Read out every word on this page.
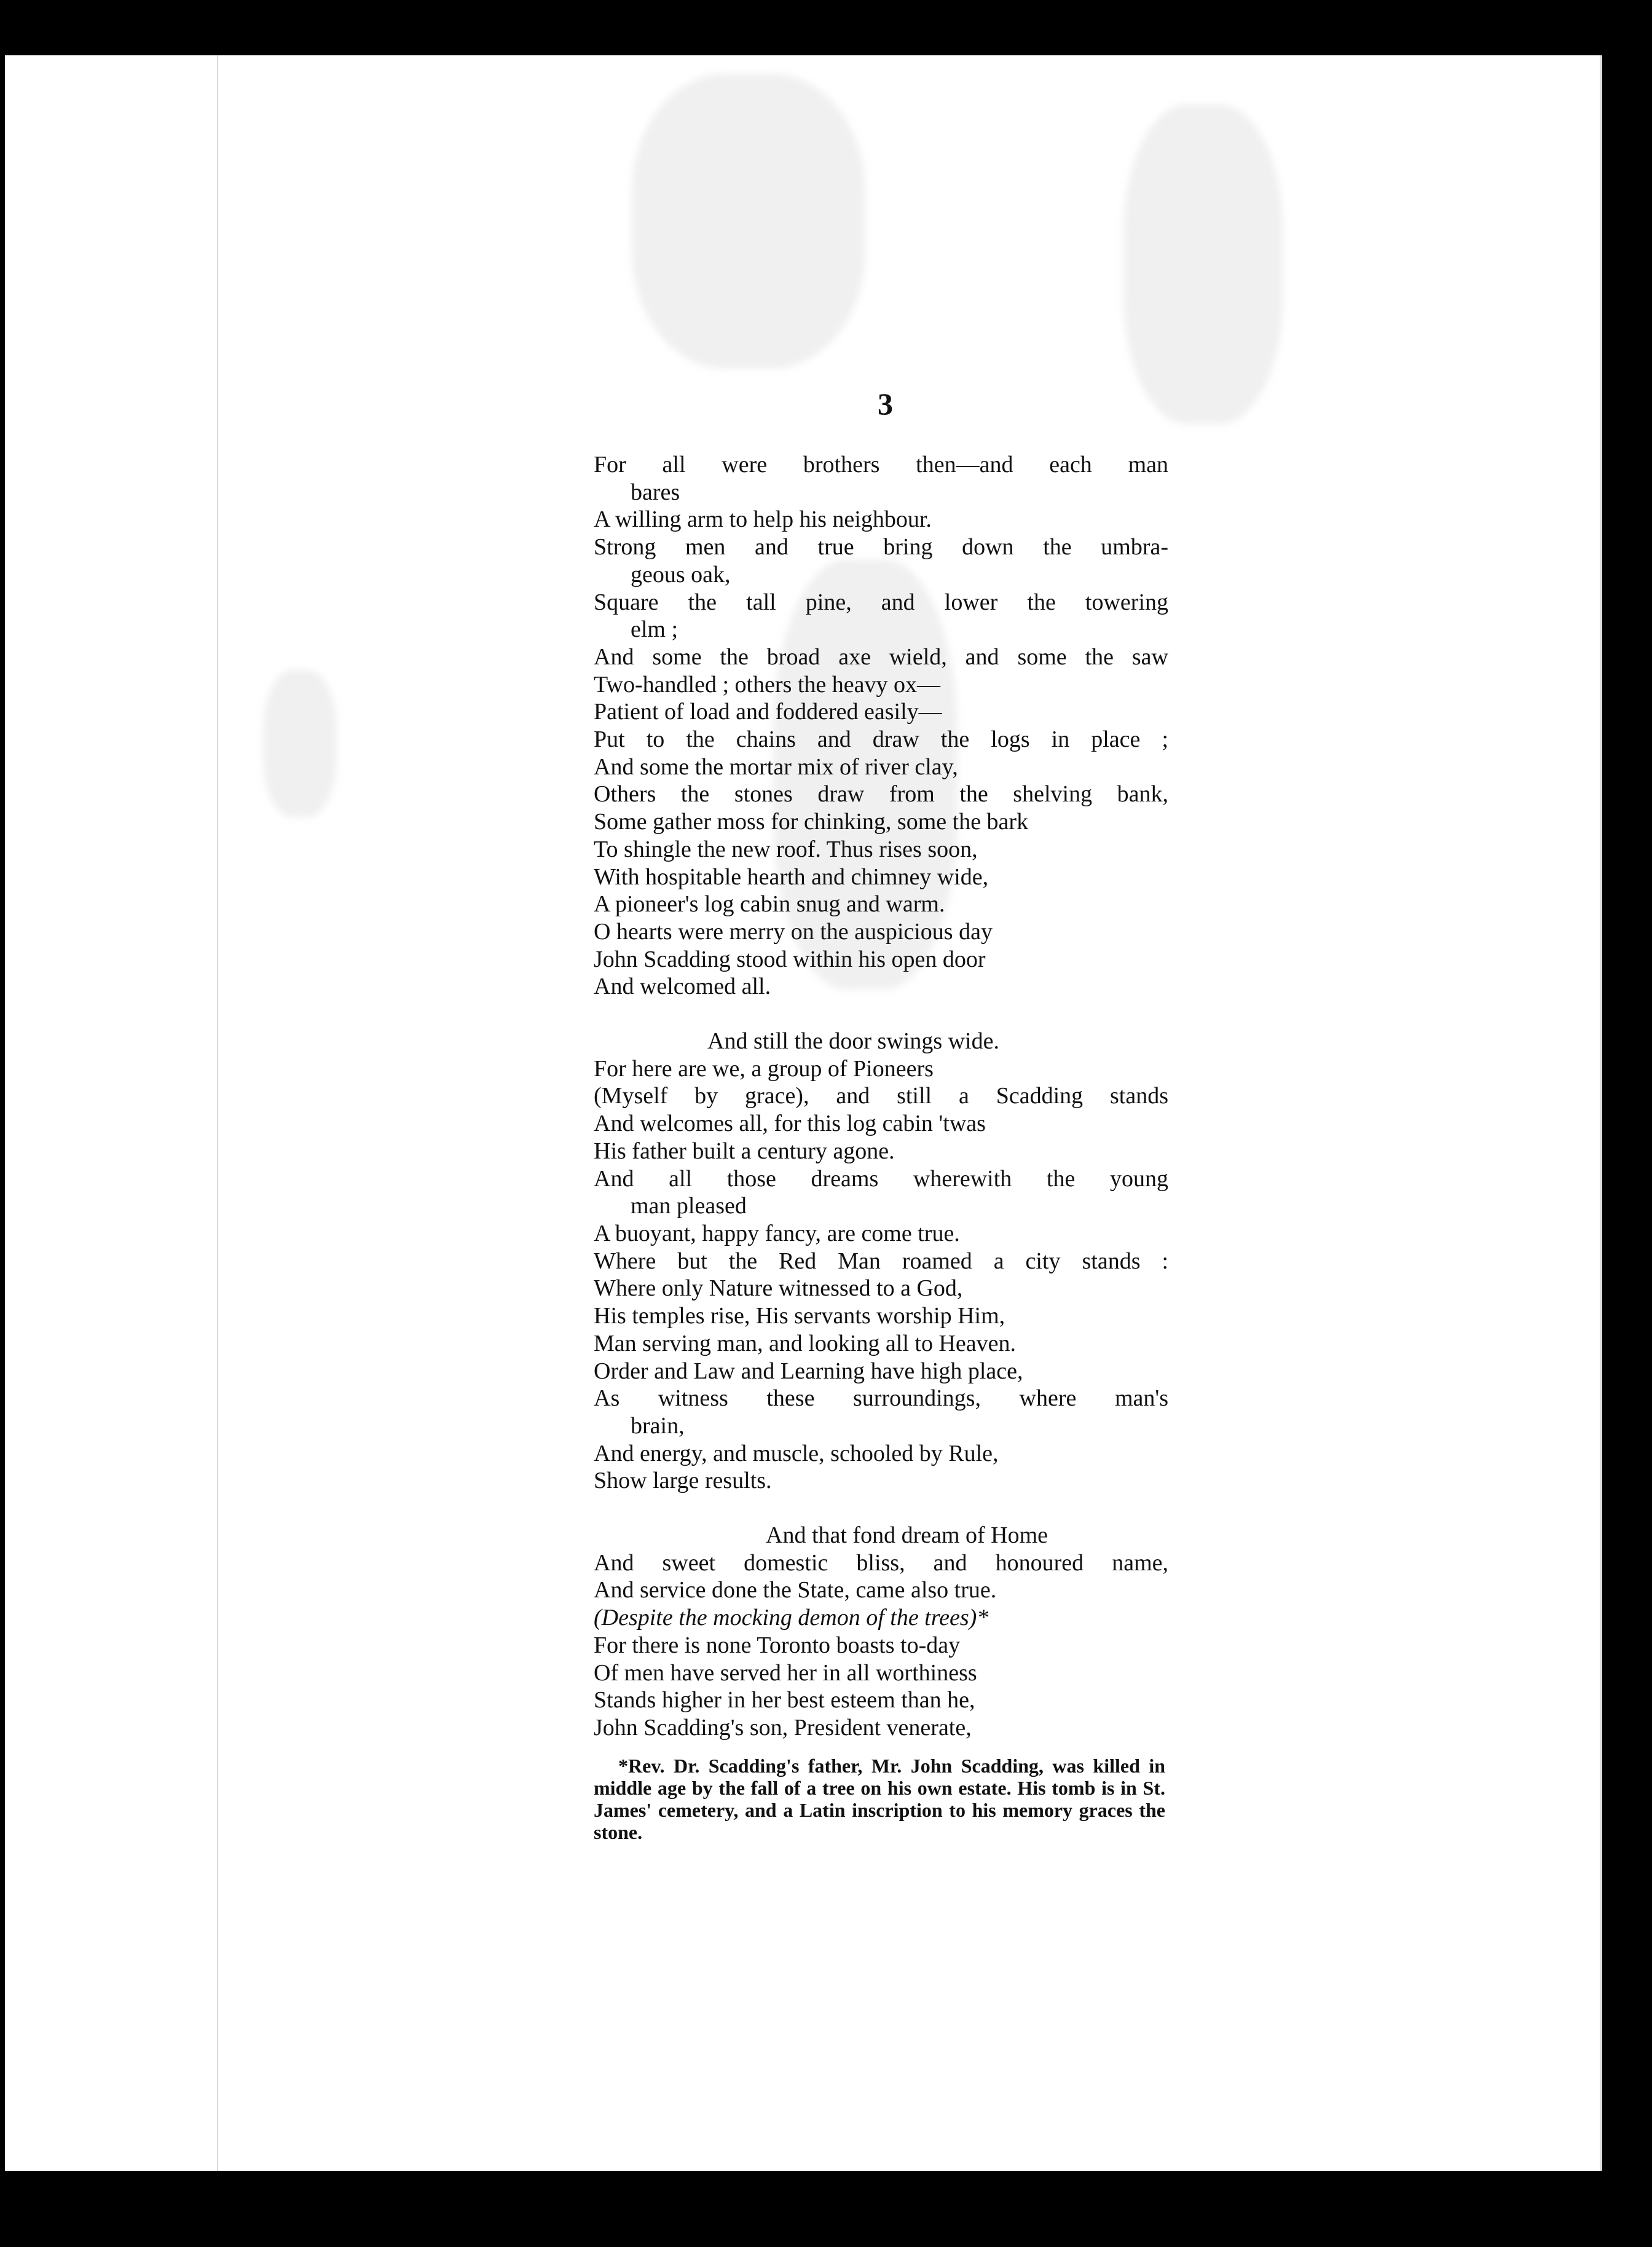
3
For all were brothers then—and each man
bares
A willing arm to help his neighbour.
Strong men and true bring down the umbra-
geous oak,
Square the tall pine, and lower the towering
elm ;
And some the broad axe wield, and some the saw
Two-handled ; others the heavy ox—
Patient of load and foddered easily—
Put to the chains and draw the logs in place ;
And some the mortar mix of river clay,
Others the stones draw from the shelving bank,
Some gather moss for chinking, some the bark
To shingle the new roof. Thus rises soon,
With hospitable hearth and chimney wide,
A pioneer's log cabin snug and warm.
O hearts were merry on the auspicious day
John Scadding stood within his open door
And welcomed all.
And still the door swings wide.
For here are we, a group of Pioneers
(Myself by grace), and still a Scadding stands
And welcomes all, for this log cabin 'twas
His father built a century agone.
And all those dreams wherewith the young
man pleased
A buoyant, happy fancy, are come true.
Where but the Red Man roamed a city stands :
Where only Nature witnessed to a God,
His temples rise, His servants worship Him,
Man serving man, and looking all to Heaven.
Order and Law and Learning have high place,
As witness these surroundings, where man's
brain,
And energy, and muscle, schooled by Rule,
Show large results.
And that fond dream of Home
And sweet domestic bliss, and honoured name,
And service done the State, came also true.
(Despite the mocking demon of the trees)*
For there is none Toronto boasts to-day
Of men have served her in all worthiness
Stands higher in her best esteem than he,
John Scadding's son, President venerate,
*Rev. Dr. Scadding's father, Mr. John Scadding, was killed in middle age by the fall of a tree on his own estate. His tomb is in St. James' cemetery, and a Latin inscription to his memory graces the stone.
